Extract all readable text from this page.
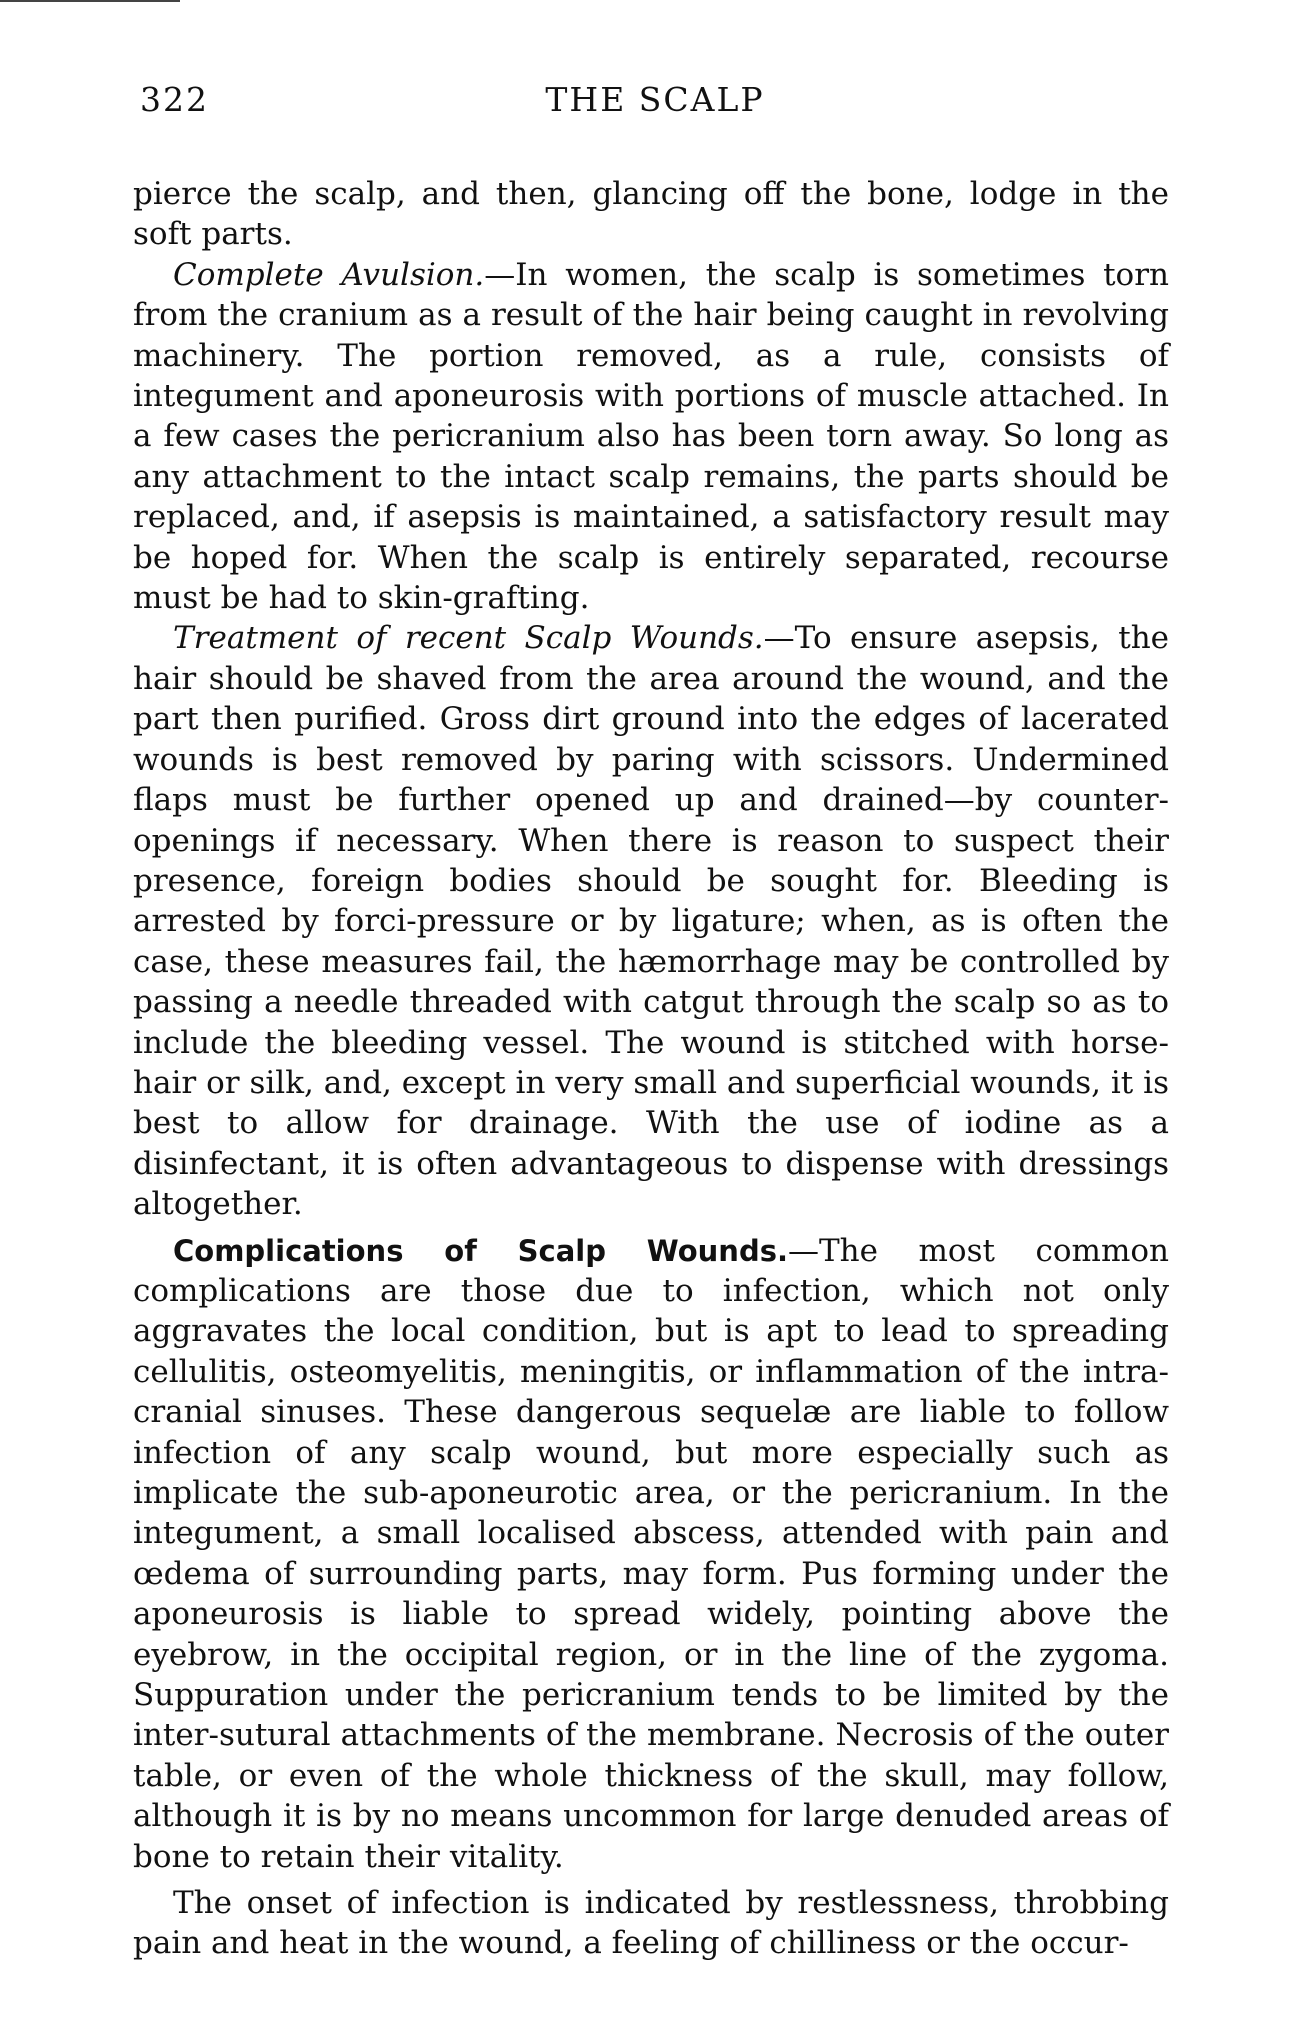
322	THE SCALP

pierce the scalp, and then, glancing off the bone, lodge in the soft parts.

Complete Avulsion.—In women, the scalp is sometimes torn from the cranium as a result of the hair being caught in revolving machinery. The portion removed, as a rule, consists of integument and aponeurosis with portions of muscle attached. In a few cases the pericranium also has been torn away. So long as any attachment to the intact scalp remains, the parts should be replaced, and, if asepsis is maintained, a satisfactory result may be hoped for. When the scalp is entirely separated, recourse must be had to skin-grafting.

Treatment of recent Scalp Wounds.—To ensure asepsis, the hair should be shaved from the area around the wound, and the part then purified. Gross dirt ground into the edges of lacerated wounds is best removed by paring with scissors. Undermined flaps must be further opened up and drained—by counter-openings if necessary. When there is reason to suspect their presence, foreign bodies should be sought for. Bleeding is arrested by forci-pressure or by ligature; when, as is often the case, these measures fail, the hæmorrhage may be controlled by passing a needle threaded with catgut through the scalp so as to include the bleeding vessel. The wound is stitched with horse-hair or silk, and, except in very small and superficial wounds, it is best to allow for drainage. With the use of iodine as a disinfectant, it is often advantageous to dispense with dressings altogether.

Complications of Scalp Wounds.—The most common complications are those due to infection, which not only aggravates the local condition, but is apt to lead to spreading cellulitis, osteomyelitis, meningitis, or inflammation of the intra-cranial sinuses. These dangerous sequelæ are liable to follow infection of any scalp wound, but more especially such as implicate the sub-aponeurotic area, or the pericranium. In the integument, a small localised abscess, attended with pain and œdema of surrounding parts, may form. Pus forming under the aponeurosis is liable to spread widely, pointing above the eyebrow, in the occipital region, or in the line of the zygoma. Suppuration under the pericranium tends to be limited by the inter-sutural attachments of the membrane. Necrosis of the outer table, or even of the whole thickness of the skull, may follow, although it is by no means uncommon for large denuded areas of bone to retain their vitality.

The onset of infection is indicated by restlessness, throbbing pain and heat in the wound, a feeling of chilliness or the occur-
